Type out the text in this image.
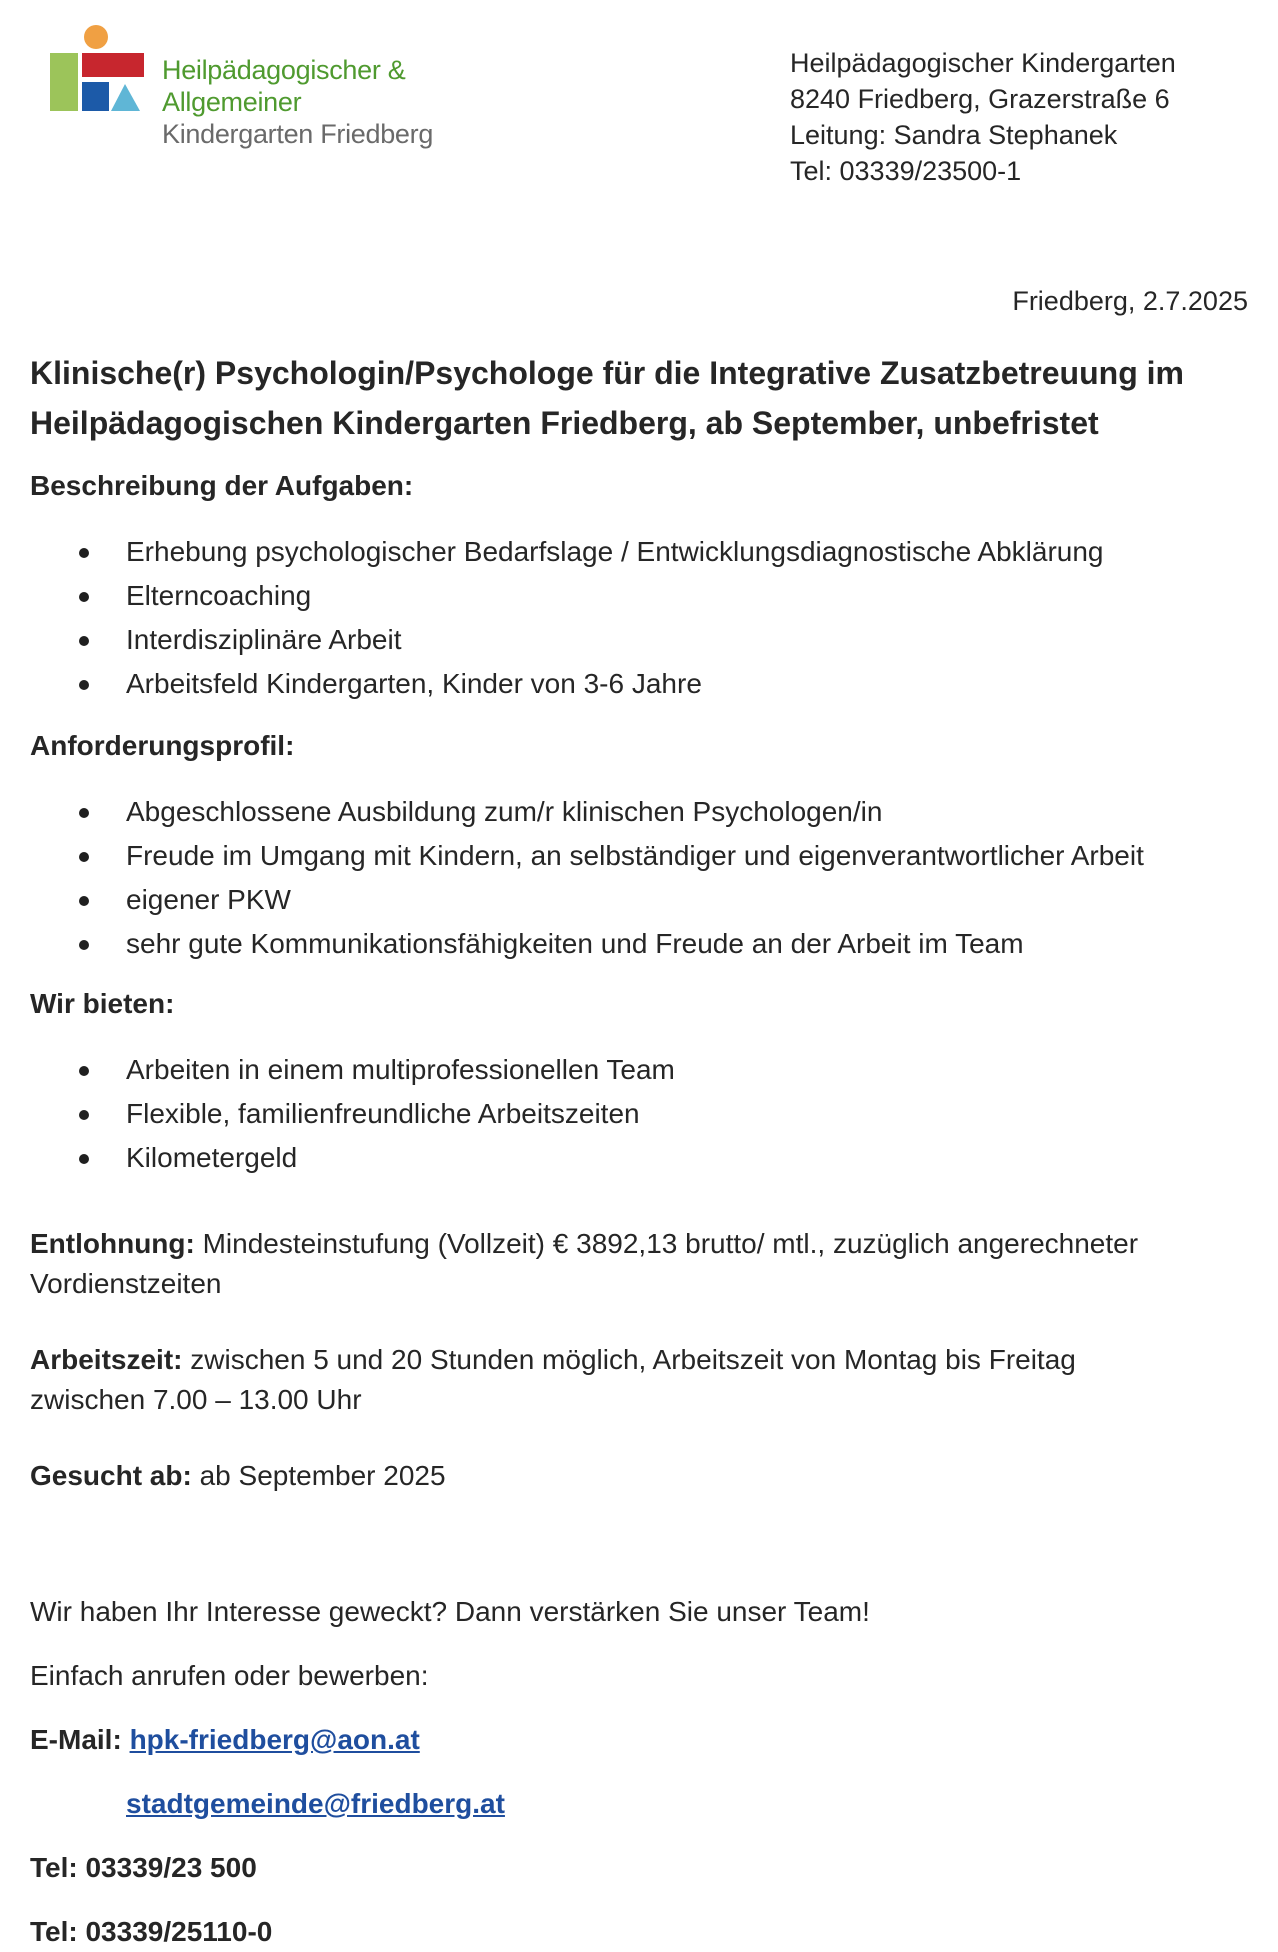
Heilpädagogischer & Allgemeiner
Kindergarten Friedberg
Heilpädagogischer Kindergarten
8240 Friedberg, Grazerstraße 6
Leitung: Sandra Stephanek
Tel: 03339/23500-1
Friedberg, 2.7.2025
Klinische(r) Psychologin/Psychologe für die Integrative Zusatzbetreuung im
Heilpädagogischen Kindergarten Friedberg, ab September, unbefristet
Beschreibung der Aufgaben:
Erhebung psychologischer Bedarfslage / Entwicklungsdiagnostische Abklärung
Elterncoaching
Interdisziplinäre Arbeit
Arbeitsfeld Kindergarten, Kinder von 3-6 Jahre
Anforderungsprofil:
Abgeschlossene Ausbildung zum/r klinischen Psychologen/in
Freude im Umgang mit Kindern, an selbständiger und eigenverantwortlicher Arbeit
eigener PKW
sehr gute Kommunikationsfähigkeiten und Freude an der Arbeit im Team
Wir bieten:
Arbeiten in einem multiprofessionellen Team
Flexible, familienfreundliche Arbeitszeiten
Kilometergeld

Entlohnung: Mindesteinstufung (Vollzeit) € 3892,13 brutto/ mtl., zuzüglich angerechneter
Vordienstzeiten

Arbeitszeit: zwischen 5 und 20 Stunden möglich, Arbeitszeit von Montag bis Freitag
zwischen 7.00 – 13.00 Uhr

Gesucht ab: ab September 2025

Wir haben Ihr Interesse geweckt? Dann verstärken Sie unser Team!

Einfach anrufen oder bewerben:

E-Mail: hpk-friedberg@aon.at

stadtgemeinde@friedberg.at

Tel: 03339/23 500

Tel: 03339/25110-0
